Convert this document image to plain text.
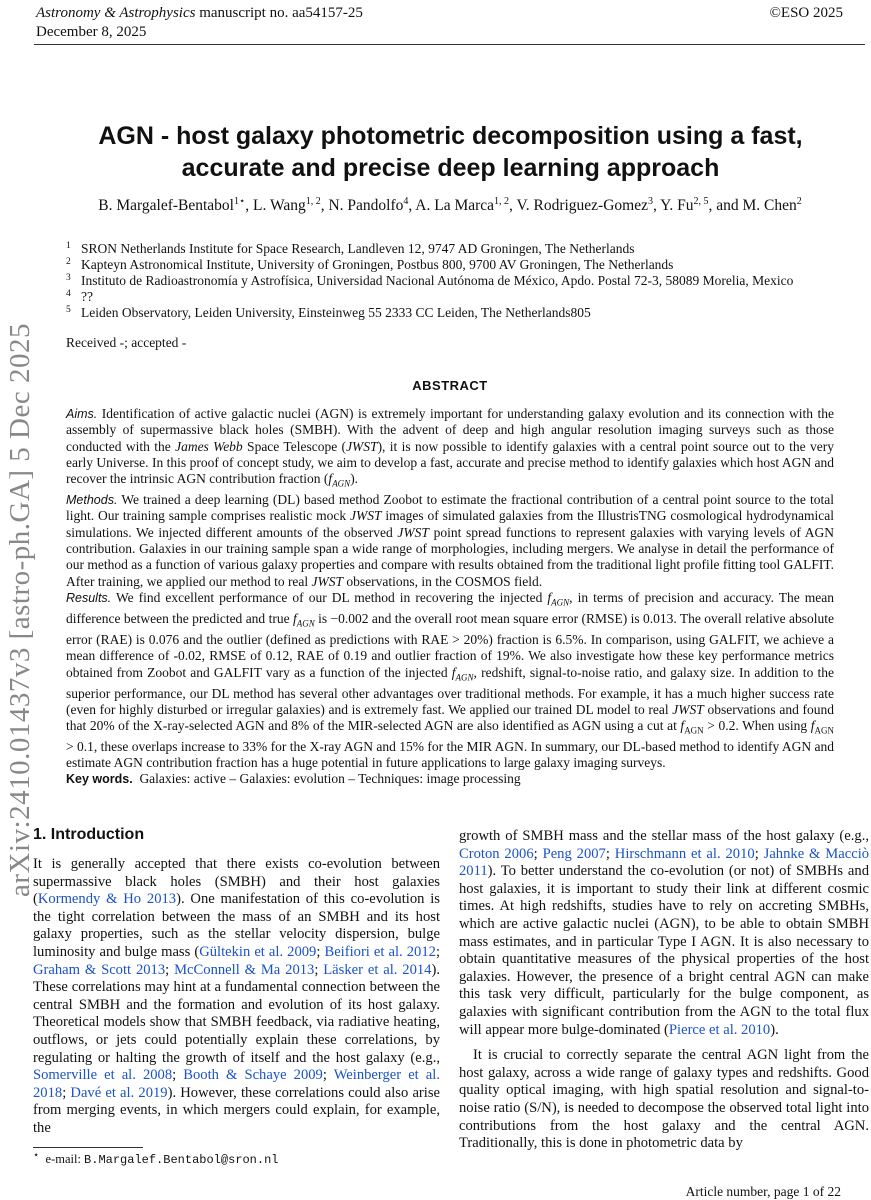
Astronomy & Astrophysics manuscript no. aa54157-25
December 8, 2025
©ESO 2025
arXiv:2410.01437v3 [astro-ph.GA] 5 Dec 2025
AGN - host galaxy photometric decomposition using a fast,
accurate and precise deep learning approach
B. Margalef-Bentabol$^{1⋆}$, L. Wang$^{1, 2}$, N. Pandolfo$^4$, A. La Marca$^{1, 2}$, V. Rodriguez-Gomez$^3$, Y. Fu$^{2, 5}$, and M. Chen$^2$
1 SRON Netherlands Institute for Space Research, Landleven 12, 9747 AD Groningen, The Netherlands
2 Kapteyn Astronomical Institute, University of Groningen, Postbus 800, 9700 AV Groningen, The Netherlands
3 Instituto de Radioastronomía y Astrofísica, Universidad Nacional Autónoma de México, Apdo. Postal 72-3, 58089 Morelia, Mexico
4 ??
5 Leiden Observatory, Leiden University, Einsteinweg 55 2333 CC Leiden, The Netherlands805
Received -; accepted -
ABSTRACT

Aims. Identification of active galactic nuclei (AGN) is extremely important for understanding galaxy evolution and its connection with the assembly of supermassive black holes (SMBH). With the advent of deep and high angular resolution imaging surveys such as those conducted with the James Webb Space Telescope (JWST), it is now possible to identify galaxies with a central point source out to the very early Universe. In this proof of concept study, we aim to develop a fast, accurate and precise method to identify galaxies which host AGN and recover the intrinsic AGN contribution fraction $(f_{AGN})$.

Methods. We trained a deep learning (DL) based method Zoobot to estimate the fractional contribution of a central point source to the total light. Our training sample comprises realistic mock JWST images of simulated galaxies from the IllustrisTNG cosmological hydrodynamical simulations. We injected different amounts of the observed JWST point spread functions to represent galaxies with varying levels of AGN contribution. Galaxies in our training sample span a wide range of morphologies, including mergers. We analyse in detail the performance of our method as a function of various galaxy properties and compare with results obtained from the traditional light profile fitting tool GALFIT. After training, we applied our method to real JWST observations, in the COSMOS field.

Results. We find excellent performance of our DL method in recovering the injected $f_{AGN}$, in terms of precision and accuracy. The mean difference between the predicted and true $f_{AGN}$ is −0.002 and the overall root mean square error (RMSE) is 0.013. The overall relative absolute error (RAE) is 0.076 and the outlier (defined as predictions with RAE > 20%) fraction is 6.5%. In comparison, using GALFIT, we achieve a mean difference of -0.02, RMSE of 0.12, RAE of 0.19 and outlier fraction of 19%. We also investigate how these key performance metrics obtained from Zoobot and GALFIT vary as a function of the injected $f_{AGN}$, redshift, signal-to-noise ratio, and galaxy size. In addition to the superior performance, our DL method has several other advantages over traditional methods. For example, it has a much higher success rate (even for highly disturbed or irregular galaxies) and is extremely fast. We applied our trained DL model to real JWST observations and found that 20% of the X-ray-selected AGN and 8% of the MIR-selected AGN are also identified as AGN using a cut at $f_{AGN} > 0.2$. When using $f_{AGN} > 0.1$, these overlaps increase to 33% for the X-ray AGN and 15% for the MIR AGN. In summary, our DL-based method to identify AGN and estimate AGN contribution fraction has a huge potential in future applications to large galaxy imaging surveys.

Key words. Galaxies: active – Galaxies: evolution – Techniques: image processing
1. Introduction

It is generally accepted that there exists co-evolution between supermassive black holes (SMBH) and their host galaxies (Kormendy & Ho 2013). One manifestation of this co-evolution is the tight correlation between the mass of an SMBH and its host galaxy properties, such as the stellar velocity dispersion, bulge luminosity and bulge mass (Gültekin et al. 2009; Beifiori et al. 2012; Graham & Scott 2013; McConnell & Ma 2013; Läsker et al. 2014). These correlations may hint at a fundamental connection between the central SMBH and the formation and evolution of its host galaxy. Theoretical models show that SMBH feedback, via radiative heating, outflows, or jets could potentially explain these correlations, by regulating or halting the growth of itself and the host galaxy (e.g., Somerville et al. 2008; Booth & Schaye 2009; Weinberger et al. 2018; Davé et al. 2019). However, these correlations could also arise from merging events, in which mergers could explain, for example, the

growth of SMBH mass and the stellar mass of the host galaxy (e.g., Croton 2006; Peng 2007; Hirschmann et al. 2010; Jahnke & Macciò 2011). To better understand the co-evolution (or not) of SMBHs and host galaxies, it is important to study their link at different cosmic times. At high redshifts, studies have to rely on accreting SMBHs, which are active galactic nuclei (AGN), to be able to obtain SMBH mass estimates, and in particular Type I AGN. It is also necessary to obtain quantitative measures of the physical properties of the host galaxies. However, the presence of a bright central AGN can make this task very difficult, particularly for the bulge component, as galaxies with significant contribution from the AGN to the total flux will appear more bulge-dominated (Pierce et al. 2010).

It is crucial to correctly separate the central AGN light from the host galaxy, across a wide range of galaxy types and redshifts. Good quality optical imaging, with high spatial resolution and signal-to-noise ratio (S/N), is needed to decompose the observed total light into contributions from the host galaxy and the central AGN. Traditionally, this is done in photometric data by

⋆ e-mail: B.Margalef.Bentabol@sron.nl
Article number, page 1 of 22
